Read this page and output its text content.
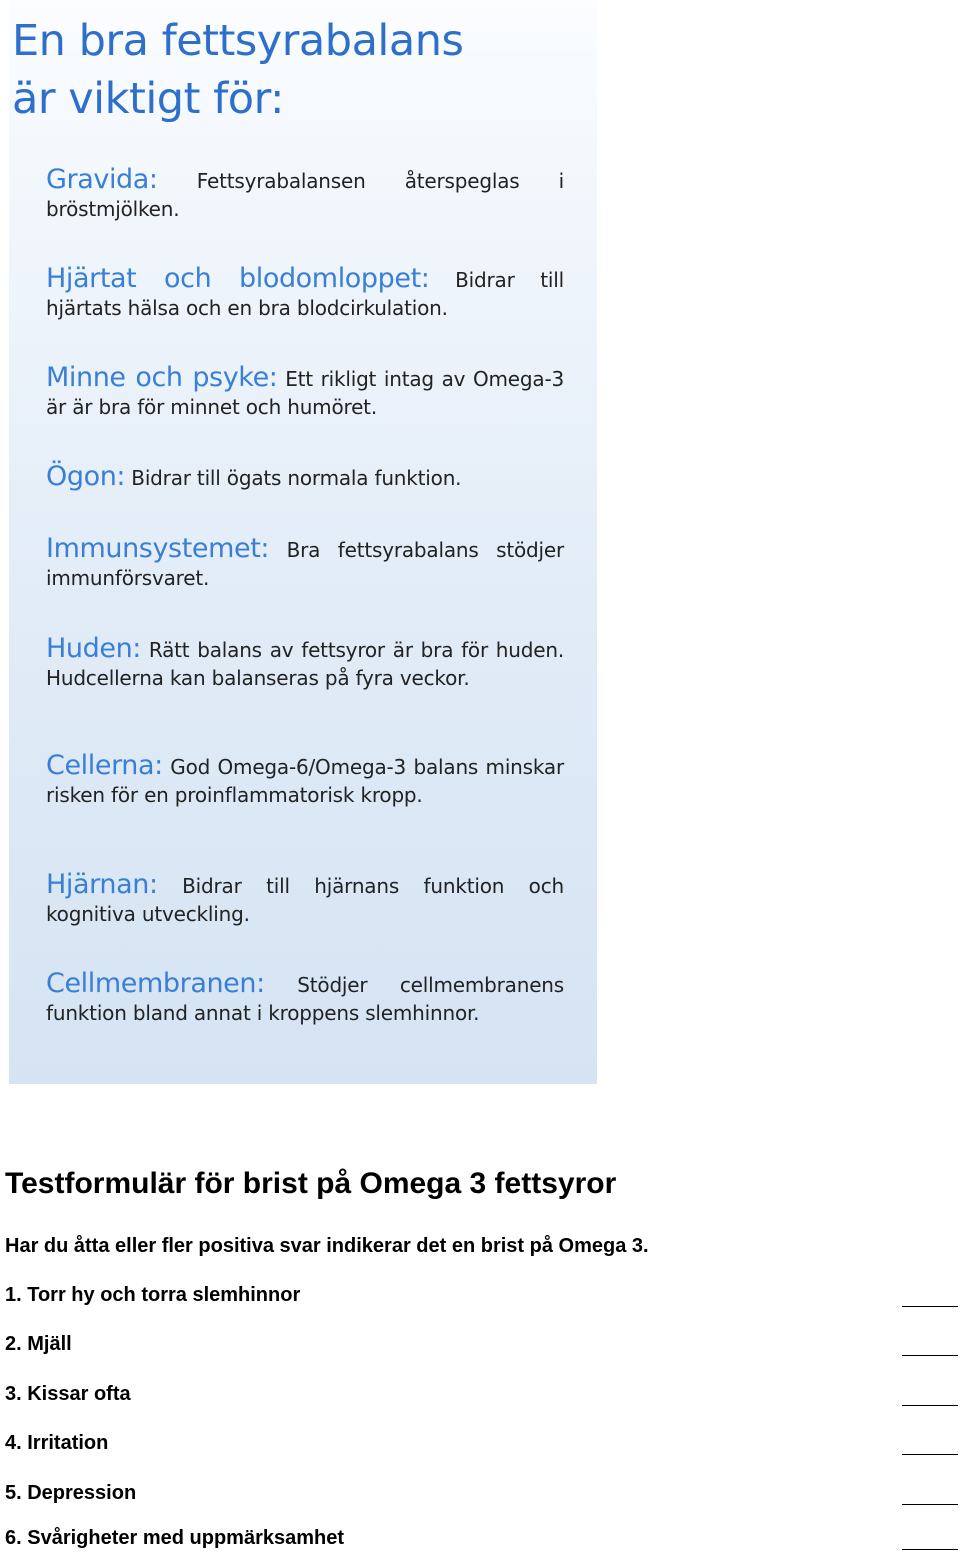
En bra fettsyrabalans
är viktigt för:
Gravida: Fettsyrabalansen återspeglas i bröstmjölken.
Hjärtat och blodomloppet: Bidrar till hjärtats hälsa och en bra blodcirkulation.
Minne och psyke: Ett rikligt intag av Omega-3 är är bra för minnet och humöret.
Ögon: Bidrar till ögats normala funktion.
Immunsystemet: Bra fettsyrabalans stödjer immunförsvaret.
Huden: Rätt balans av fettsyror är bra för huden. Hudcellerna kan balanseras på fyra veckor.
Cellerna: God Omega-6/Omega-3 balans minskar risken för en proinflammatorisk kropp.
Hjärnan: Bidrar till hjärnans funktion och kognitiva utveckling.
Cellmembranen: Stödjer cellmembranens funktion bland annat i kroppens slemhinnor.
Testformulär för brist på Omega 3 fettsyror

Har du åtta eller fler positiva svar indikerar det en brist på Omega 3.

1. Torr hy och torra slemhinnor
2. Mjäll
3. Kissar ofta
4. Irritation
5. Depression
6. Svårigheter med uppmärksamhet
